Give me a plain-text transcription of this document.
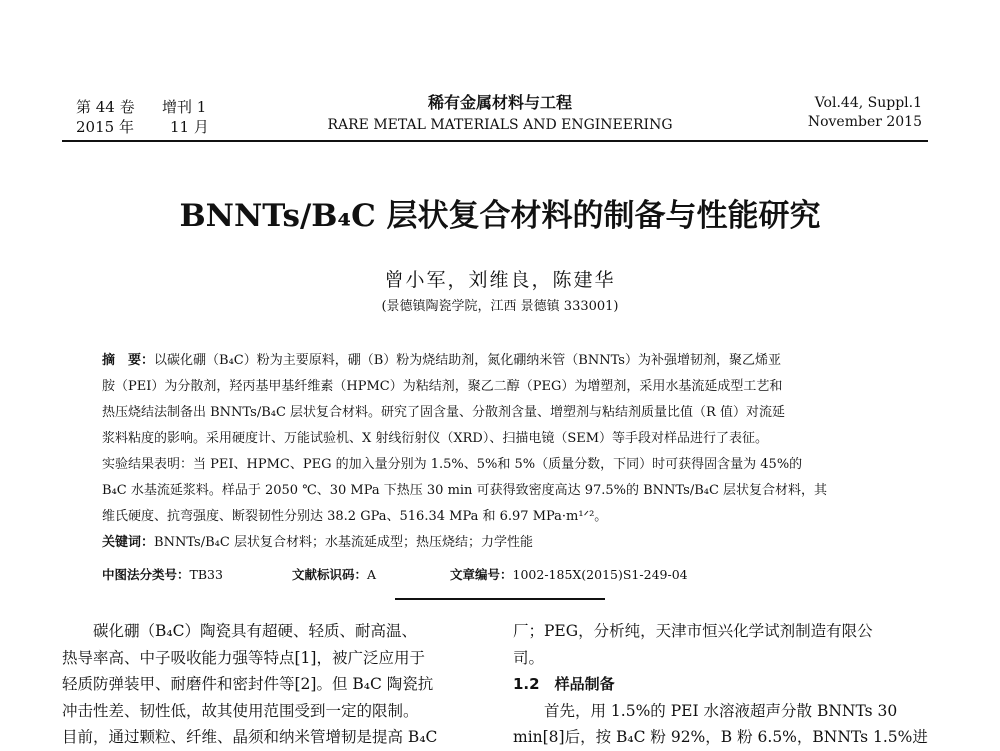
第 44 卷 增刊 1
2015 年 11 月
稀有金属材料与工程
RARE METAL MATERIALS AND ENGINEERING
Vol.44, Suppl.1
November 2015
BNNTs/B₄C 层状复合材料的制备与性能研究
曾小军，刘维良，陈建华
(景德镇陶瓷学院，江西 景德镇 333001)
摘　要：以碳化硼（B₄C）粉为主要原料，硼（B）粉为烧结助剂，氮化硼纳米管（BNNTs）为补强增韧剂，聚乙烯亚
胺（PEI）为分散剂，羟丙基甲基纤维素（HPMC）为粘结剂，聚乙二醇（PEG）为增塑剂，采用水基流延成型工艺和
热压烧结法制备出 BNNTs/B₄C 层状复合材料。研究了固含量、分散剂含量、增塑剂与粘结剂质量比值（R 值）对流延
浆料粘度的影响。采用硬度计、万能试验机、X 射线衍射仪（XRD）、扫描电镜（SEM）等手段对样品进行了表征。
实验结果表明：当 PEI、HPMC、PEG 的加入量分别为 1.5%、5%和 5%（质量分数，下同）时可获得固含量为 45%的
B₄C 水基流延浆料。样品于 2050 ℃、30 MPa 下热压 30 min 可获得致密度高达 97.5%的 BNNTs/B₄C 层状复合材料，其
维氏硬度、抗弯强度、断裂韧性分别达 38.2 GPa、516.34 MPa 和 6.97 MPa·m¹ᐟ²。
关键词：BNNTs/B₄C 层状复合材料；水基流延成型；热压烧结；力学性能
中图法分类号：TB33	文献标识码：A	文章编号：1002-185X(2015)S1-249-04
碳化硼（B₄C）陶瓷具有超硬、轻质、耐高温、
热导率高、中子吸收能力强等特点[1]，被广泛应用于
轻质防弹装甲、耐磨件和密封件等[2]。但 B₄C 陶瓷抗
冲击性差、韧性低，故其使用范围受到一定的限制。
目前，通过颗粒、纤维、晶须和纳米管增韧是提高 B₄C
厂；PEG，分析纯，天津市恒兴化学试剂制造有限公
司。
1.2　样品制备
首先，用 1.5%的 PEI 水溶液超声分散 BNNTs 30
min[8]后，按 B₄C 粉 92%，B 粉 6.5%，BNNTs 1.5%进
